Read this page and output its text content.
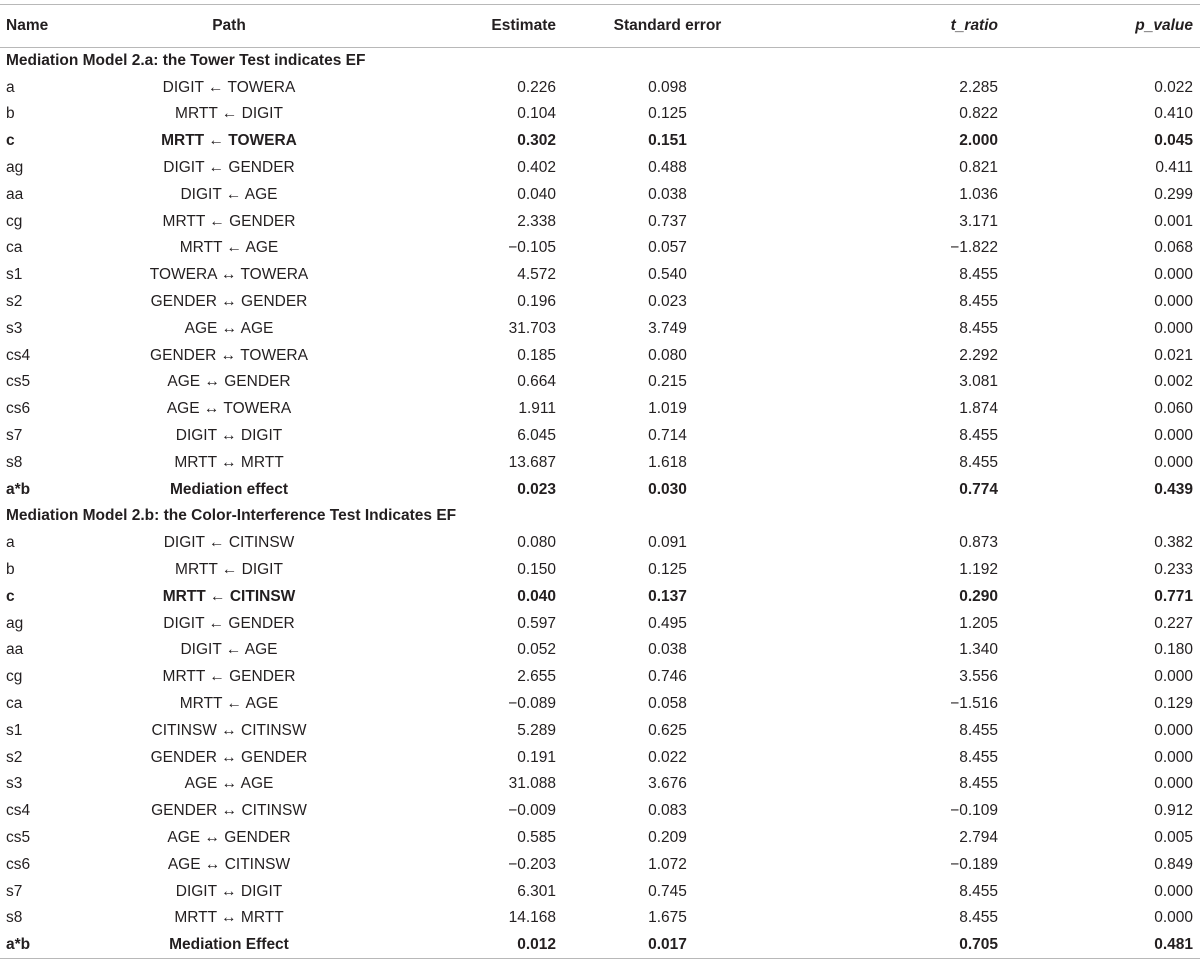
Name	Path	Estimate	Standard error	t_ratio	p_value
Mediation Model 2.a: the Tower Test indicates EF					
a	DIGIT ← TOWERA	0.226	0.098	2.285	0.022
b	MRTT ← DIGIT	0.104	0.125	0.822	0.410
c	MRTT ← TOWERA	0.302	0.151	2.000	0.045
ag	DIGIT ← GENDER	0.402	0.488	0.821	0.411
aa	DIGIT ← AGE	0.040	0.038	1.036	0.299
cg	MRTT ← GENDER	2.338	0.737	3.171	0.001
ca	MRTT ← AGE	−0.105	0.057	−1.822	0.068
s1	TOWERA ↔ TOWERA	4.572	0.540	8.455	0.000
s2	GENDER ↔ GENDER	0.196	0.023	8.455	0.000
s3	AGE ↔ AGE	31.703	3.749	8.455	0.000
cs4	GENDER ↔ TOWERA	0.185	0.080	2.292	0.021
cs5	AGE ↔ GENDER	0.664	0.215	3.081	0.002
cs6	AGE ↔ TOWERA	1.911	1.019	1.874	0.060
s7	DIGIT ↔ DIGIT	6.045	0.714	8.455	0.000
s8	MRTT ↔ MRTT	13.687	1.618	8.455	0.000
a*b	Mediation effect	0.023	0.030	0.774	0.439
Mediation Model 2.b: the Color-Interference Test Indicates EF					
a	DIGIT ← CITINSW	0.080	0.091	0.873	0.382
b	MRTT ← DIGIT	0.150	0.125	1.192	0.233
c	MRTT ← CITINSW	0.040	0.137	0.290	0.771
ag	DIGIT ← GENDER	0.597	0.495	1.205	0.227
aa	DIGIT ← AGE	0.052	0.038	1.340	0.180
cg	MRTT ← GENDER	2.655	0.746	3.556	0.000
ca	MRTT ← AGE	−0.089	0.058	−1.516	0.129
s1	CITINSW ↔ CITINSW	5.289	0.625	8.455	0.000
s2	GENDER ↔ GENDER	0.191	0.022	8.455	0.000
s3	AGE ↔ AGE	31.088	3.676	8.455	0.000
cs4	GENDER ↔ CITINSW	−0.009	0.083	−0.109	0.912
cs5	AGE ↔ GENDER	0.585	0.209	2.794	0.005
cs6	AGE ↔ CITINSW	−0.203	1.072	−0.189	0.849
s7	DIGIT ↔ DIGIT	6.301	0.745	8.455	0.000
s8	MRTT ↔ MRTT	14.168	1.675	8.455	0.000
a*b	Mediation Effect	0.012	0.017	0.705	0.481
